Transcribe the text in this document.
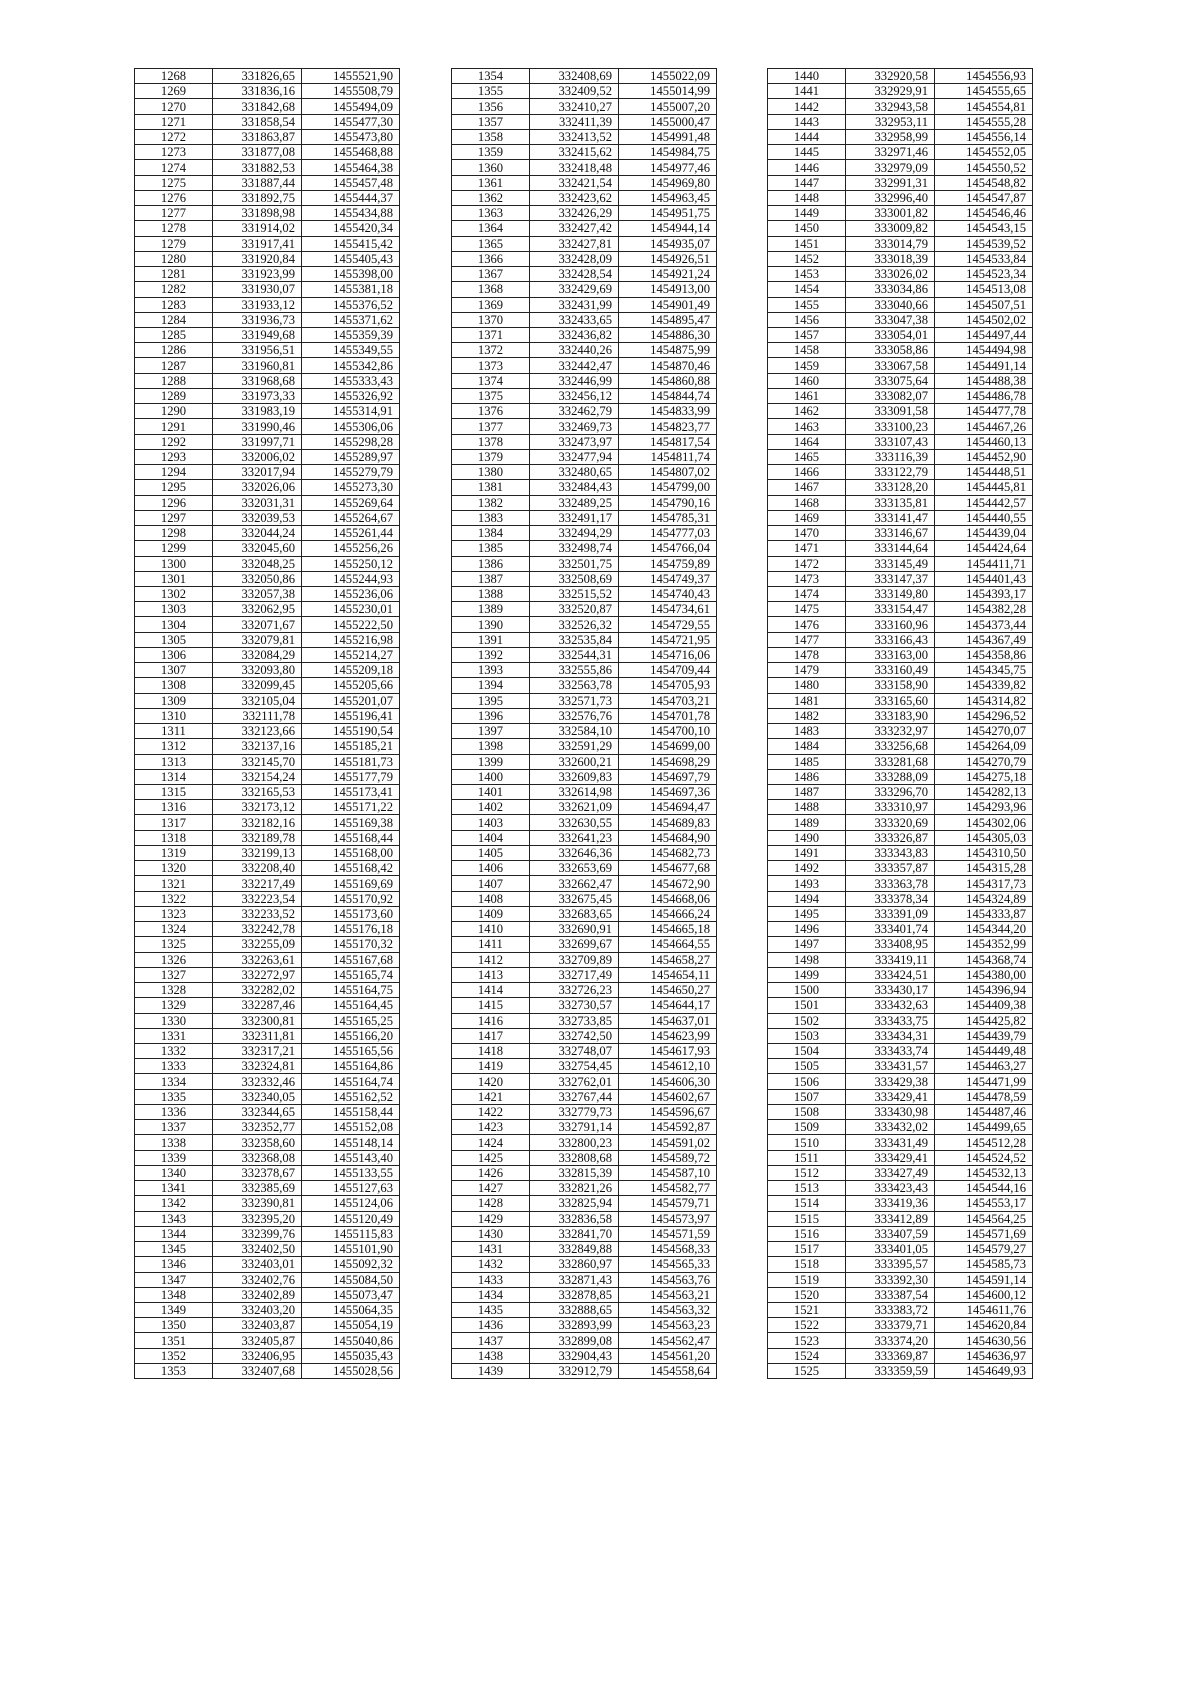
1268	331826,65	1455521,90
1269	331836,16	1455508,79
1270	331842,68	1455494,09
1271	331858,54	1455477,30
1272	331863,87	1455473,80
1273	331877,08	1455468,88
1274	331882,53	1455464,38
1275	331887,44	1455457,48
1276	331892,75	1455444,37
1277	331898,98	1455434,88
1278	331914,02	1455420,34
1279	331917,41	1455415,42
1280	331920,84	1455405,43
1281	331923,99	1455398,00
1282	331930,07	1455381,18
1283	331933,12	1455376,52
1284	331936,73	1455371,62
1285	331949,68	1455359,39
1286	331956,51	1455349,55
1287	331960,81	1455342,86
1288	331968,68	1455333,43
1289	331973,33	1455326,92
1290	331983,19	1455314,91
1291	331990,46	1455306,06
1292	331997,71	1455298,28
1293	332006,02	1455289,97
1294	332017,94	1455279,79
1295	332026,06	1455273,30
1296	332031,31	1455269,64
1297	332039,53	1455264,67
1298	332044,24	1455261,44
1299	332045,60	1455256,26
1300	332048,25	1455250,12
1301	332050,86	1455244,93
1302	332057,38	1455236,06
1303	332062,95	1455230,01
1304	332071,67	1455222,50
1305	332079,81	1455216,98
1306	332084,29	1455214,27
1307	332093,80	1455209,18
1308	332099,45	1455205,66
1309	332105,04	1455201,07
1310	332111,78	1455196,41
1311	332123,66	1455190,54
1312	332137,16	1455185,21
1313	332145,70	1455181,73
1314	332154,24	1455177,79
1315	332165,53	1455173,41
1316	332173,12	1455171,22
1317	332182,16	1455169,38
1318	332189,78	1455168,44
1319	332199,13	1455168,00
1320	332208,40	1455168,42
1321	332217,49	1455169,69
1322	332223,54	1455170,92
1323	332233,52	1455173,60
1324	332242,78	1455176,18
1325	332255,09	1455170,32
1326	332263,61	1455167,68
1327	332272,97	1455165,74
1328	332282,02	1455164,75
1329	332287,46	1455164,45
1330	332300,81	1455165,25
1331	332311,81	1455166,20
1332	332317,21	1455165,56
1333	332324,81	1455164,86
1334	332332,46	1455164,74
1335	332340,05	1455162,52
1336	332344,65	1455158,44
1337	332352,77	1455152,08
1338	332358,60	1455148,14
1339	332368,08	1455143,40
1340	332378,67	1455133,55
1341	332385,69	1455127,63
1342	332390,81	1455124,06
1343	332395,20	1455120,49
1344	332399,76	1455115,83
1345	332402,50	1455101,90
1346	332403,01	1455092,32
1347	332402,76	1455084,50
1348	332402,89	1455073,47
1349	332403,20	1455064,35
1350	332403,87	1455054,19
1351	332405,87	1455040,86
1352	332406,95	1455035,43
1353	332407,68	1455028,56
1354	332408,69	1455022,09
1355	332409,52	1455014,99
1356	332410,27	1455007,20
1357	332411,39	1455000,47
1358	332413,52	1454991,48
1359	332415,62	1454984,75
1360	332418,48	1454977,46
1361	332421,54	1454969,80
1362	332423,62	1454963,45
1363	332426,29	1454951,75
1364	332427,42	1454944,14
1365	332427,81	1454935,07
1366	332428,09	1454926,51
1367	332428,54	1454921,24
1368	332429,69	1454913,00
1369	332431,99	1454901,49
1370	332433,65	1454895,47
1371	332436,82	1454886,30
1372	332440,26	1454875,99
1373	332442,47	1454870,46
1374	332446,99	1454860,88
1375	332456,12	1454844,74
1376	332462,79	1454833,99
1377	332469,73	1454823,77
1378	332473,97	1454817,54
1379	332477,94	1454811,74
1380	332480,65	1454807,02
1381	332484,43	1454799,00
1382	332489,25	1454790,16
1383	332491,17	1454785,31
1384	332494,29	1454777,03
1385	332498,74	1454766,04
1386	332501,75	1454759,89
1387	332508,69	1454749,37
1388	332515,52	1454740,43
1389	332520,87	1454734,61
1390	332526,32	1454729,55
1391	332535,84	1454721,95
1392	332544,31	1454716,06
1393	332555,86	1454709,44
1394	332563,78	1454705,93
1395	332571,73	1454703,21
1396	332576,76	1454701,78
1397	332584,10	1454700,10
1398	332591,29	1454699,00
1399	332600,21	1454698,29
1400	332609,83	1454697,79
1401	332614,98	1454697,36
1402	332621,09	1454694,47
1403	332630,55	1454689,83
1404	332641,23	1454684,90
1405	332646,36	1454682,73
1406	332653,69	1454677,68
1407	332662,47	1454672,90
1408	332675,45	1454668,06
1409	332683,65	1454666,24
1410	332690,91	1454665,18
1411	332699,67	1454664,55
1412	332709,89	1454658,27
1413	332717,49	1454654,11
1414	332726,23	1454650,27
1415	332730,57	1454644,17
1416	332733,85	1454637,01
1417	332742,50	1454623,99
1418	332748,07	1454617,93
1419	332754,45	1454612,10
1420	332762,01	1454606,30
1421	332767,44	1454602,67
1422	332779,73	1454596,67
1423	332791,14	1454592,87
1424	332800,23	1454591,02
1425	332808,68	1454589,72
1426	332815,39	1454587,10
1427	332821,26	1454582,77
1428	332825,94	1454579,71
1429	332836,58	1454573,97
1430	332841,70	1454571,59
1431	332849,88	1454568,33
1432	332860,97	1454565,33
1433	332871,43	1454563,76
1434	332878,85	1454563,21
1435	332888,65	1454563,32
1436	332893,99	1454563,23
1437	332899,08	1454562,47
1438	332904,43	1454561,20
1439	332912,79	1454558,64
1440	332920,58	1454556,93
1441	332929,91	1454555,65
1442	332943,58	1454554,81
1443	332953,11	1454555,28
1444	332958,99	1454556,14
1445	332971,46	1454552,05
1446	332979,09	1454550,52
1447	332991,31	1454548,82
1448	332996,40	1454547,87
1449	333001,82	1454546,46
1450	333009,82	1454543,15
1451	333014,79	1454539,52
1452	333018,39	1454533,84
1453	333026,02	1454523,34
1454	333034,86	1454513,08
1455	333040,66	1454507,51
1456	333047,38	1454502,02
1457	333054,01	1454497,44
1458	333058,86	1454494,98
1459	333067,58	1454491,14
1460	333075,64	1454488,38
1461	333082,07	1454486,78
1462	333091,58	1454477,78
1463	333100,23	1454467,26
1464	333107,43	1454460,13
1465	333116,39	1454452,90
1466	333122,79	1454448,51
1467	333128,20	1454445,81
1468	333135,81	1454442,57
1469	333141,47	1454440,55
1470	333146,67	1454439,04
1471	333144,64	1454424,64
1472	333145,49	1454411,71
1473	333147,37	1454401,43
1474	333149,80	1454393,17
1475	333154,47	1454382,28
1476	333160,96	1454373,44
1477	333166,43	1454367,49
1478	333163,00	1454358,86
1479	333160,49	1454345,75
1480	333158,90	1454339,82
1481	333165,60	1454314,82
1482	333183,90	1454296,52
1483	333232,97	1454270,07
1484	333256,68	1454264,09
1485	333281,68	1454270,79
1486	333288,09	1454275,18
1487	333296,70	1454282,13
1488	333310,97	1454293,96
1489	333320,69	1454302,06
1490	333326,87	1454305,03
1491	333343,83	1454310,50
1492	333357,87	1454315,28
1493	333363,78	1454317,73
1494	333378,34	1454324,89
1495	333391,09	1454333,87
1496	333401,74	1454344,20
1497	333408,95	1454352,99
1498	333419,11	1454368,74
1499	333424,51	1454380,00
1500	333430,17	1454396,94
1501	333432,63	1454409,38
1502	333433,75	1454425,82
1503	333434,31	1454439,79
1504	333433,74	1454449,48
1505	333431,57	1454463,27
1506	333429,38	1454471,99
1507	333429,41	1454478,59
1508	333430,98	1454487,46
1509	333432,02	1454499,65
1510	333431,49	1454512,28
1511	333429,41	1454524,52
1512	333427,49	1454532,13
1513	333423,43	1454544,16
1514	333419,36	1454553,17
1515	333412,89	1454564,25
1516	333407,59	1454571,69
1517	333401,05	1454579,27
1518	333395,57	1454585,73
1519	333392,30	1454591,14
1520	333387,54	1454600,12
1521	333383,72	1454611,76
1522	333379,71	1454620,84
1523	333374,20	1454630,56
1524	333369,87	1454636,97
1525	333359,59	1454649,93
